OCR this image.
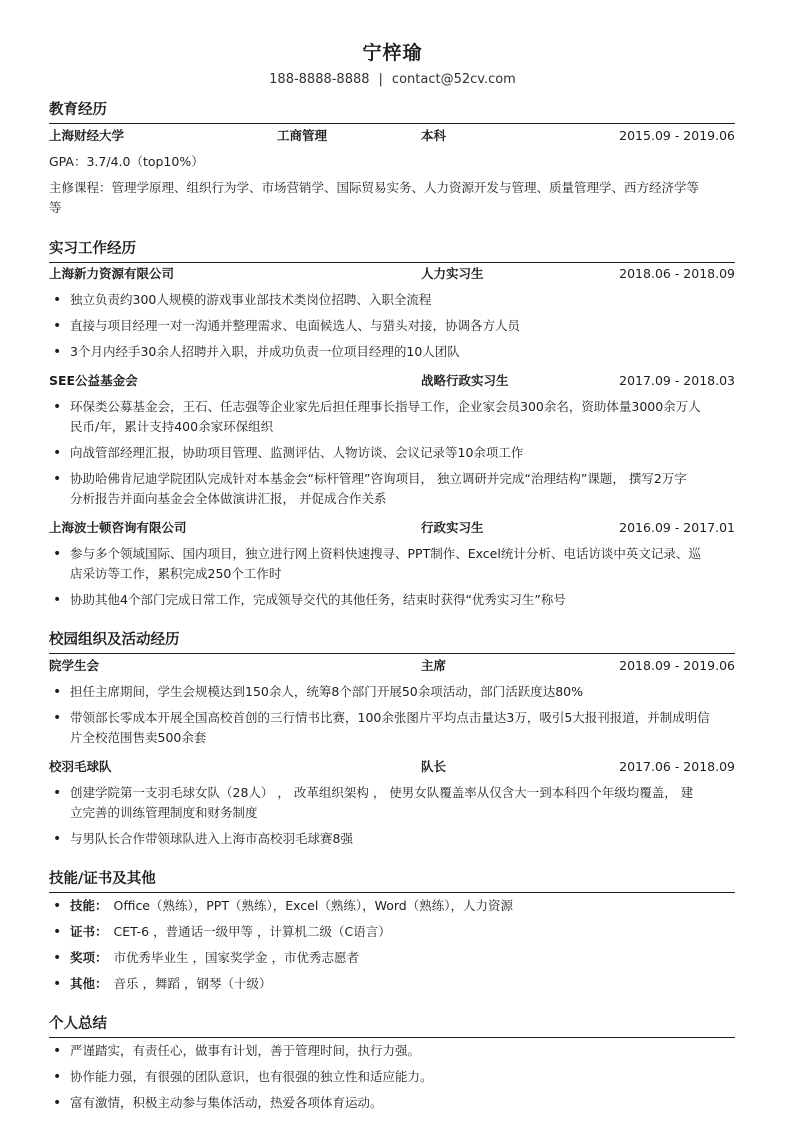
宁梓瑜
188-8888-8888 | contact@52cv.com
教育经历
上海财经大学	工商管理	本科	2015.09 - 2019.06
GPA：3.7/4.0（top10%）
主修课程：管理学原理、组织行为学、市场营销学、国际贸易实务、人力资源开发与管理、质量管理学、西方经济学等
等
实习工作经历
上海新力资源有限公司	人力实习生	2018.06 - 2018.09
• 独立负责约300人规模的游戏事业部技术类岗位招聘、入职全流程
• 直接与项目经理一对一沟通并整理需求、电面候选人、与猎头对接，协调各方人员
• 3个月内经手30余人招聘并入职，并成功负责一位项目经理的10人团队
SEE公益基金会	战略行政实习生	2017.09 - 2018.03
• 环保类公募基金会，王石、任志强等企业家先后担任理事长指导工作，企业家会员300余名，资助体量3000余万人
民币/年，累计支持400余家环保组织
• 向战管部经理汇报，协助项目管理、监测评估、人物访谈、会议记录等10余项工作
• 协助哈佛肯尼迪学院团队完成针对本基金会“标杆管理”咨询项目， 独立调研并完成“治理结构”课题， 撰写2万字
分析报告并面向基金会全体做演讲汇报， 并促成合作关系
上海波士顿咨询有限公司	行政实习生	2016.09 - 2017.01
• 参与多个领域国际、国内项目，独立进行网上资料快速搜寻、PPT制作、Excel统计分析、电话访谈中英文记录、巡
店采访等工作，累积完成250个工作时
• 协助其他4个部门完成日常工作，完成领导交代的其他任务，结束时获得“优秀实习生”称号
校园组织及活动经历
院学生会	主席	2018.09 - 2019.06
• 担任主席期间，学生会规模达到150余人，统筹8个部门开展50余项活动，部门活跃度达80%
• 带领部长零成本开展全国高校首创的三行情书比赛，100余张图片平均点击量达3万，吸引5大报刊报道，并制成明信
片全校范围售卖500余套
校羽毛球队	队长	2017.06 - 2018.09
• 创建学院第一支羽毛球女队（28人） ， 改革组织架构 ， 使男女队覆盖率从仅含大一到本科四个年级均覆盖， 建
立完善的训练管理制度和财务制度
• 与男队长合作带领球队进入上海市高校羽毛球赛8强
技能/证书及其他
• 技能： Office（熟练），PPT（熟练），Excel（熟练），Word（熟练），人力资源
• 证书： CET-6 ，普通话一级甲等 ，计算机二级（C语言）
• 奖项： 市优秀毕业生 ，国家奖学金 ，市优秀志愿者
• 其他： 音乐 ，舞蹈 ，钢琴（十级）
个人总结
• 严谨踏实，有责任心，做事有计划，善于管理时间，执行力强。
• 协作能力强，有很强的团队意识，也有很强的独立性和适应能力。
• 富有激情，积极主动参与集体活动，热爱各项体育运动。
